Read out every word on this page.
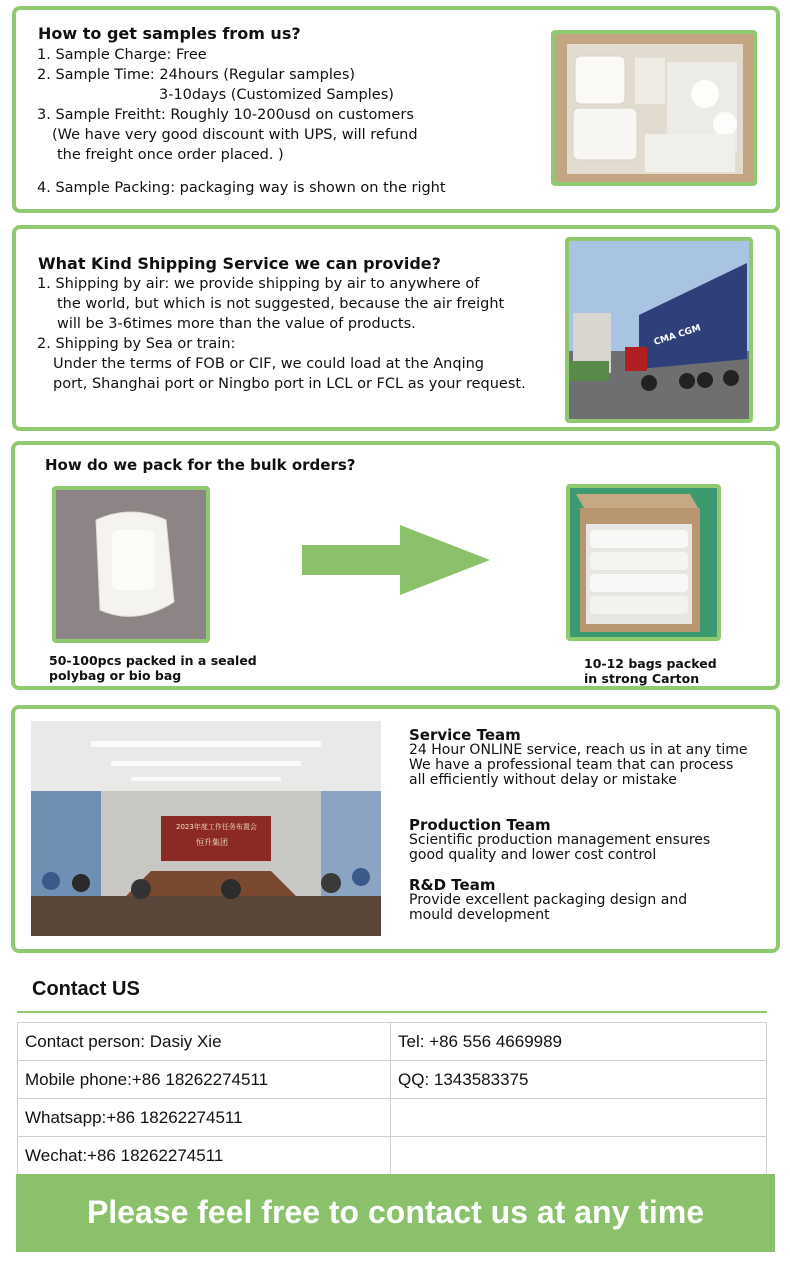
How to get samples from us?
1. Sample Charge: Free
2. Sample Time: 24hours (Regular samples)
3-10days (Customized Samples)
3. Sample Freitht: Roughly 10-200usd on customers
(We have very good discount with UPS, will refund
the freight once order placed. )
4. Sample Packing: packaging way is shown on the right
What Kind Shipping Service we can provide?
1. Shipping by air: we provide shipping by air to anywhere of
the world, but which is not suggested, because the air freight
will be 3-6times more than the value of products.
2. Shipping by Sea or train:
Under the terms of FOB or CIF, we could load at the Anqing
port, Shanghai port or Ningbo port in LCL or FCL as your request.
CMA CGM
How do we pack for the bulk orders?
50-100pcs packed in a sealed
polybag or bio bag
10-12 bags packed
in strong Carton
2023年度工作任务布置会
恒升集团
Service Team
24 Hour ONLINE service, reach us in at any time
We have a professional team that can process
all efficiently without delay or mistake
Production Team
Scientific production management ensures
good quality and lower cost control
R&D Team
Provide excellent packaging design and
mould development
Contact US
Contact person: Dasiy Xie	Tel: +86 556 4669989
Mobile phone:+86 18262274511	QQ: 1343583375
Whatsapp:+86 18262274511	
Wechat:+86 18262274511	
Please feel free to contact us at any time
